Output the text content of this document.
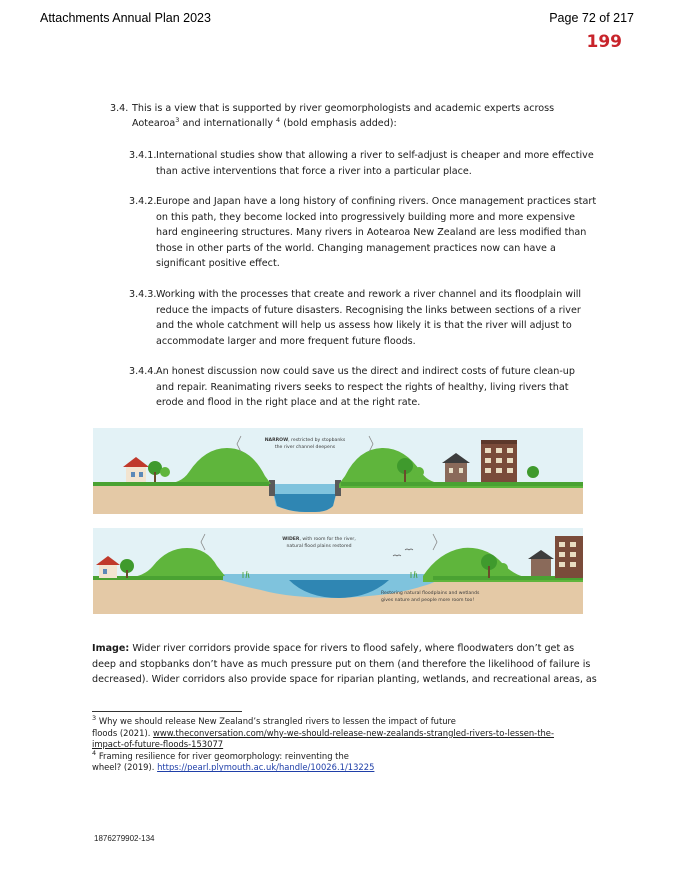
Attachments Annual Plan 2023	Page 72 of 217
199
3.4. This is a view that is supported by river geomorphologists and academic experts across
Aotearoa$^3$ and internationally $^4$ (bold emphasis added):
3.4.1. International studies show that allowing a river to self-adjust is cheaper and more effective
than active interventions that force a river into a particular place.
3.4.2. Europe and Japan have a long history of confining rivers. Once management practices start
on this path, they become locked into progressively building more and more expensive
hard engineering structures. Many rivers in Aotearoa New Zealand are less modified than
those in other parts of the world. Changing management practices now can have a
significant positive effect.
3.4.3. Working with the processes that create and rework a river channel and its floodplain will
reduce the impacts of future disasters. Recognising the links between sections of a river
and the whole catchment will help us assess how likely it is that the river will adjust to
accommodate larger and more frequent future floods.
3.4.4. An honest discussion now could save us the direct and indirect costs of future clean-up
and repair. Reanimating rivers seeks to respect the rights of healthy, living rivers that
erode and flood in the right place and at the right rate.
NARROW, restricted by stopbanks
the river channel deepens
WIDER, with room for the river,
natural flood plains restored
Restoring natural floodplains and wetlands
gives nature and people more room too!
Image: Wider river corridors provide space for rivers to flood safely, where floodwaters don’t get as
deep and stopbanks don’t have as much pressure put on them (and therefore the likelihood of failure is
decreased). Wider corridors also provide space for riparian planting, wetlands, and recreational areas, as
$^3$ Why we should release New Zealand’s strangled rivers to lessen the impact of future
floods (2021). www.theconversation.com/why-we-should-release-new-zealands-strangled-rivers-to-lessen-the-
impact-of-future-floods-153077
$^4$ Framing resilience for river geomorphology: reinventing the
wheel? (2019). https://pearl.plymouth.ac.uk/handle/10026.1/13225
1876279902-134
